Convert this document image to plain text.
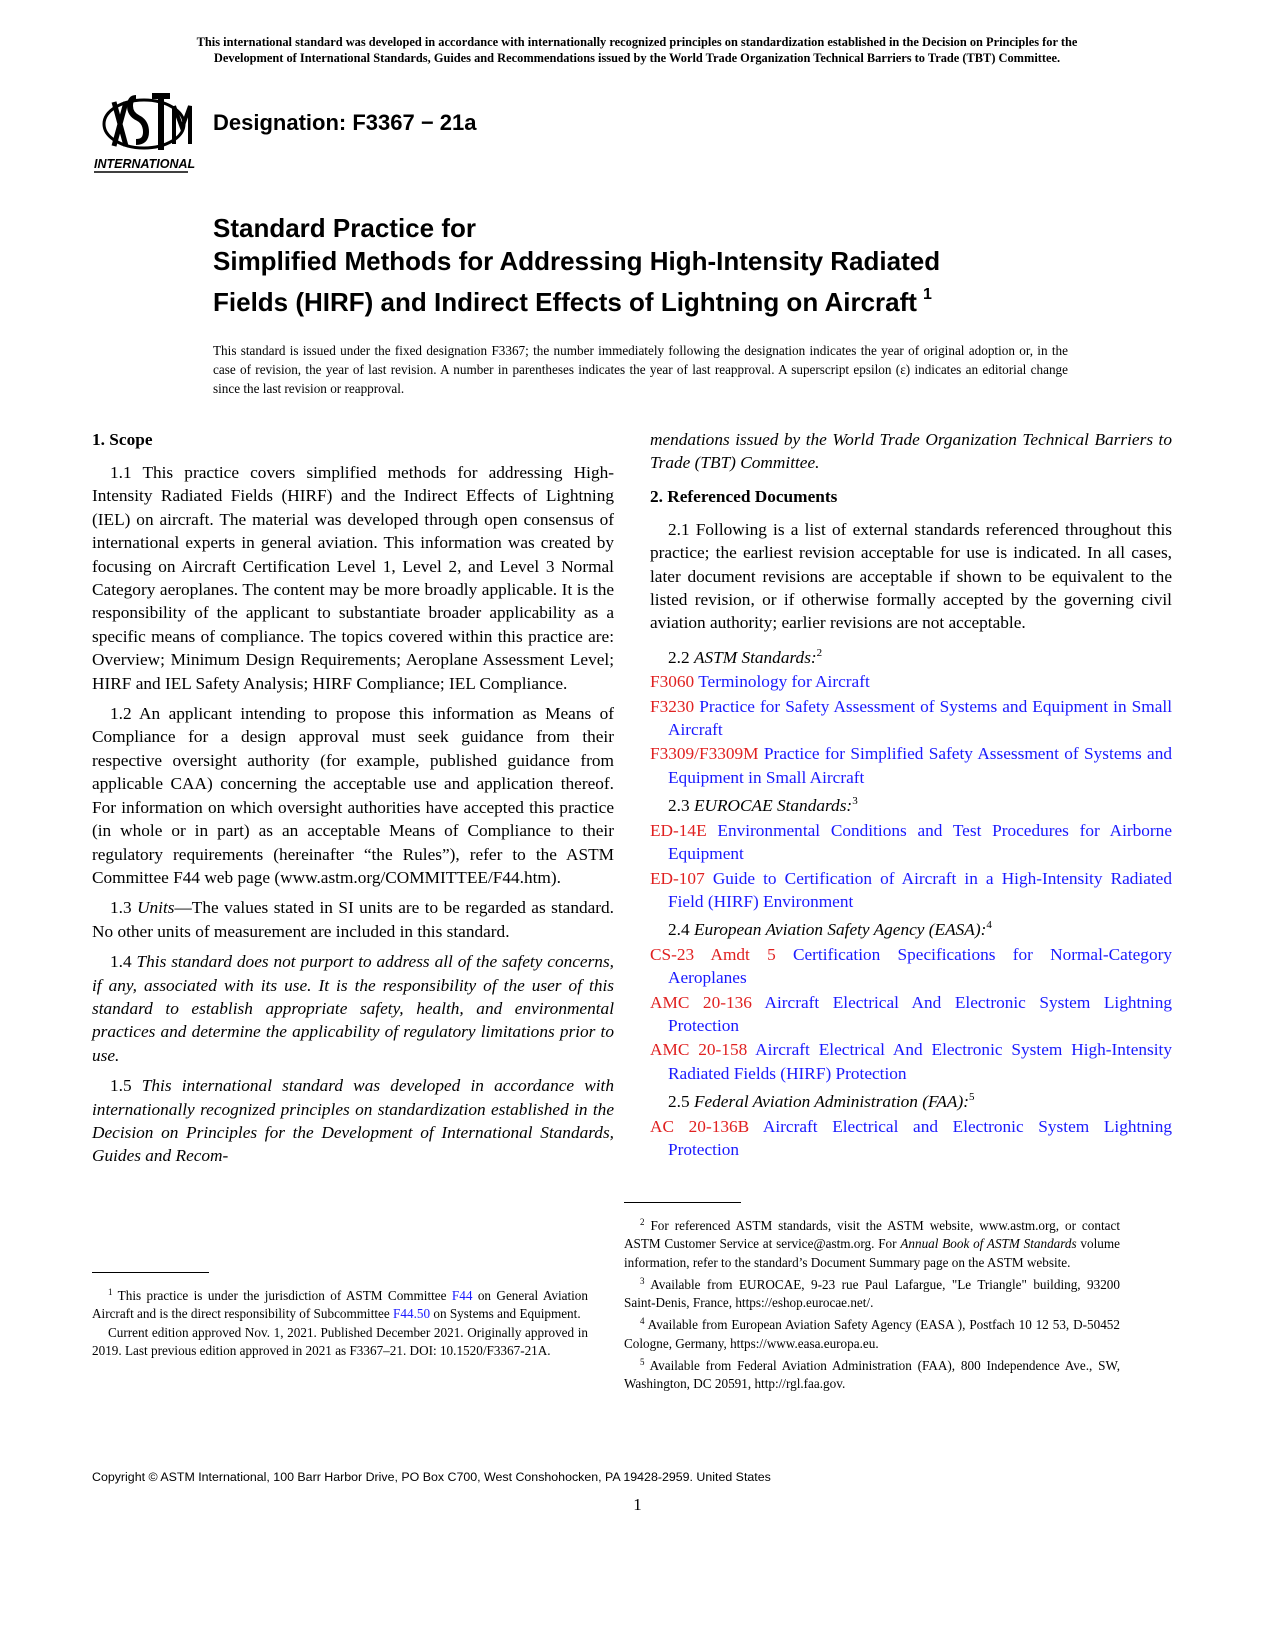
This international standard was developed in accordance with internationally recognized principles on standardization established in the Decision on Principles for the
Development of International Standards, Guides and Recommendations issued by the World Trade Organization Technical Barriers to Trade (TBT) Committee.
INTERNATIONAL
Designation: F3367 − 21a
Standard Practice for
Simplified Methods for Addressing High-Intensity Radiated
Fields (HIRF) and Indirect Effects of Lightning on Aircraft $^1$
This standard is issued under the fixed designation F3367; the number immediately following the designation indicates the year of original adoption or, in the case of revision, the year of last revision. A number in parentheses indicates the year of last reapproval. A superscript epsilon (ε) indicates an editorial change since the last revision or reapproval.
1. Scope

1.1 This practice covers simplified methods for addressing High-Intensity Radiated Fields (HIRF) and the Indirect Effects of Lightning (IEL) on aircraft. The material was developed through open consensus of international experts in general aviation. This information was created by focusing on Aircraft Certification Level 1, Level 2, and Level 3 Normal Category aeroplanes. The content may be more broadly applicable. It is the responsibility of the applicant to substantiate broader applicability as a specific means of compliance. The topics covered within this practice are: Overview; Minimum Design Requirements; Aeroplane Assessment Level; HIRF and IEL Safety Analysis; HIRF Compliance; IEL Compliance.

1.2 An applicant intending to propose this information as Means of Compliance for a design approval must seek guidance from their respective oversight authority (for example, published guidance from applicable CAA) concerning the acceptable use and application thereof. For information on which oversight authorities have accepted this practice (in whole or in part) as an acceptable Means of Compliance to their regulatory requirements (hereinafter “the Rules”), refer to the ASTM Committee F44 web page (www.astm.org/COMMITTEE/F44.htm).

1.3 Units—The values stated in SI units are to be regarded as standard. No other units of measurement are included in this standard.

1.4 This standard does not purport to address all of the safety concerns, if any, associated with its use. It is the responsibility of the user of this standard to establish appropriate safety, health, and environmental practices and determine the applicability of regulatory limitations prior to use.

1.5 This international standard was developed in accordance with internationally recognized principles on standardization established in the Decision on Principles for the Development of International Standards, Guides and Recom-

mendations issued by the World Trade Organization Technical Barriers to Trade (TBT) Committee.

2. Referenced Documents

2.1 Following is a list of external standards referenced throughout this practice; the earliest revision acceptable for use is indicated. In all cases, later document revisions are acceptable if shown to be equivalent to the listed revision, or if otherwise formally accepted by the governing civil aviation authority; earlier revisions are not acceptable.

2.2 ASTM Standards:$^2$
F3060 Terminology for Aircraft
F3230 Practice for Safety Assessment of Systems and Equipment in Small Aircraft
F3309/F3309M Practice for Simplified Safety Assessment of Systems and Equipment in Small Aircraft
2.3 EUROCAE Standards:$^3$
ED-14E Environmental Conditions and Test Procedures for Airborne Equipment
ED-107 Guide to Certification of Aircraft in a High-Intensity Radiated Field (HIRF) Environment
2.4 European Aviation Safety Agency (EASA):$^4$
CS-23 Amdt 5 Certification Specifications for Normal-Category Aeroplanes
AMC 20-136 Aircraft Electrical And Electronic System Lightning Protection
AMC 20-158 Aircraft Electrical And Electronic System High-Intensity Radiated Fields (HIRF) Protection
2.5 Federal Aviation Administration (FAA):$^5$
AC 20-136B Aircraft Electrical and Electronic System Lightning Protection

$^1$ This practice is under the jurisdiction of ASTM Committee F44 on General Aviation Aircraft and is the direct responsibility of Subcommittee F44.50 on Systems and Equipment.

Current edition approved Nov. 1, 2021. Published December 2021. Originally approved in 2019. Last previous edition approved in 2021 as F3367–21. DOI: 10.1520/F3367-21A.

$^2$ For referenced ASTM standards, visit the ASTM website, www.astm.org, or contact ASTM Customer Service at service@astm.org. For Annual Book of ASTM Standards volume information, refer to the standard’s Document Summary page on the ASTM website.

$^3$ Available from EUROCAE, 9-23 rue Paul Lafargue, "Le Triangle" building, 93200 Saint-Denis, France, https://eshop.eurocae.net/.

$^4$ Available from European Aviation Safety Agency (EASA ), Postfach 10 12 53, D-50452 Cologne, Germany, https://www.easa.europa.eu.

$^5$ Available from Federal Aviation Administration (FAA), 800 Independence Ave., SW, Washington, DC 20591, http://rgl.faa.gov.

Copyright © ASTM International, 100 Barr Harbor Drive, PO Box C700, West Conshohocken, PA 19428-2959. United States
1
